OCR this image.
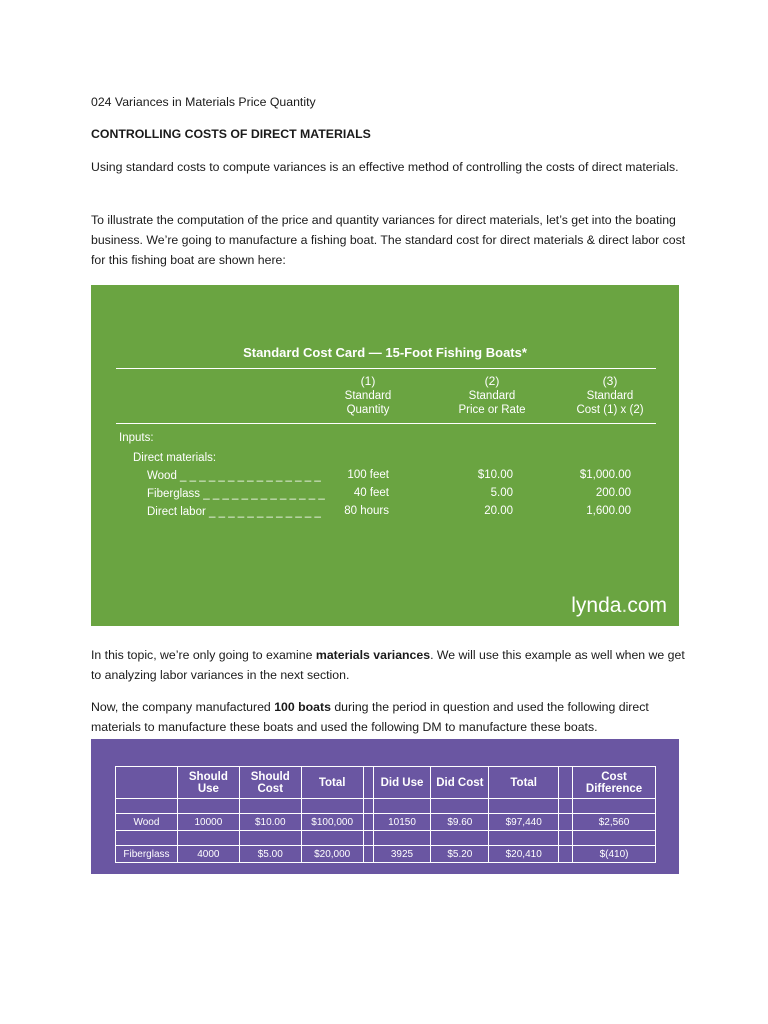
024 Variances in Materials Price Quantity

CONTROLLING COSTS OF DIRECT MATERIALS

Using standard costs to compute variances is an effective method of controlling the costs of direct materials.

To illustrate the computation of the price and quantity variances for direct materials, let’s get into the boating business. We’re going to manufacture a fishing boat. The standard cost for direct materials & direct labor cost for this fishing boat are shown here:

Standard Cost Card — 15-Foot Fishing Boats*
(1)
Standard
Quantity
(2)
Standard
Price or Rate
(3)
Standard
Cost (1) x (2)
Inputs:
Direct materials:
Wood _ _ _ _ _ _ _ _ _ _ _ _ _ _ _ 100 feet	$10.00	$1,000.00
Fiberglass _ _ _ _ _ _ _ _ _ _ _ _ _	40 feet	5.00	200.00
Direct labor _ _ _ _ _ _ _ _ _ _ _ _ 80 hours	20.00	1,600.00
lynda.com

In this topic, we’re only going to examine materials variances. We will use this example as well when we get to analyzing labor variances in the next section.

Now, the company manufactured 100 boats during the period in question and used the following direct materials to manufacture these boats and used the following DM to manufacture these boats.

	Should Use	Should Cost	Total		Did Use	Did Cost	Total		Cost Difference

Wood	10000	$10.00	$100,000		10150	$9.60	$97,440		$2,560

Fiberglass	4000	$5.00	$20,000		3925	$5.20	$20,410		$(410)
